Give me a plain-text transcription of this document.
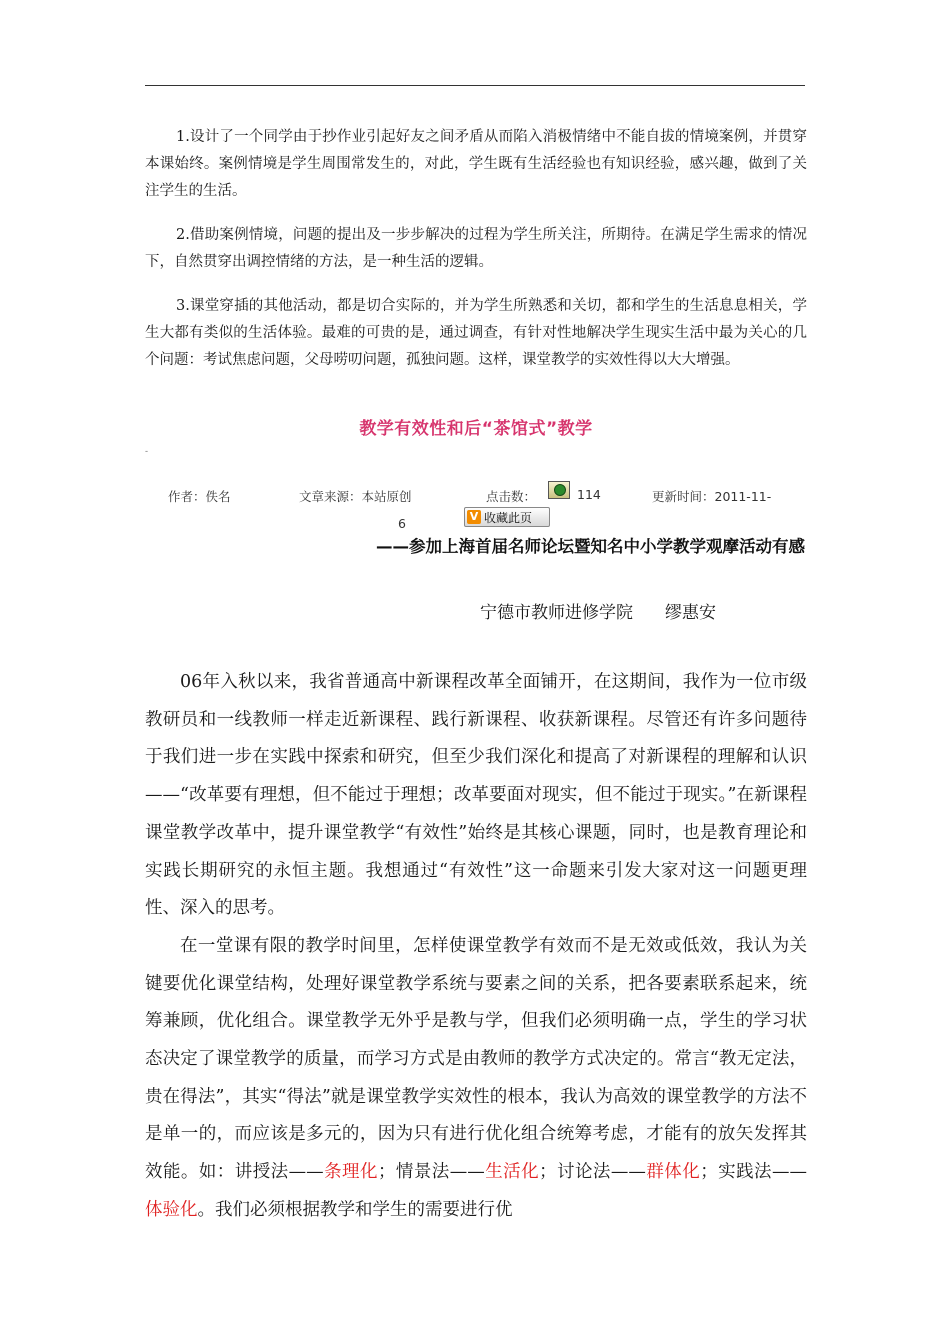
1.设计了一个同学由于抄作业引起好友之间矛盾从而陷入消极情绪中不能自拔的情境案例，并贯穿本课始终。案例情境是学生周围常发生的，对此，学生既有生活经验也有知识经验，感兴趣，做到了关注学生的生活。

2.借助案例情境，问题的提出及一步步解决的过程为学生所关注，所期待。在满足学生需求的情况下，自然贯穿出调控情绪的方法，是一种生活的逻辑。

3.课堂穿插的其他活动，都是切合实际的，并为学生所熟悉和关切，都和学生的生活息息相关，学生大都有类似的生活体验。最难的可贵的是，通过调查，有针对性地解决学生现实生活中最为关心的几个问题：考试焦虑问题，父母唠叨问题，孤独问题。这样，课堂教学的实效性得以大大增强。

教学有效性和后“茶馆式”教学
-
作者：佚名	文章来源：本站原创	点击数：	114	更新时间：2011-11-
6	V 收藏此页
——参加上海首届名师论坛暨知名中小学教学观摩活动有感
宁德市教师进修学院 缪惠安

06年入秋以来，我省普通高中新课程改革全面铺开，在这期间，我作为一位市级教研员和一线教师一样走近新课程、践行新课程、收获新课程。尽管还有许多问题待于我们进一步在实践中探索和研究，但至少我们深化和提高了对新课程的理解和认识——“改革要有理想，但不能过于理想；改革要面对现实，但不能过于现实。”在新课程课堂教学改革中，提升课堂教学“有效性”始终是其核心课题，同时，也是教育理论和实践长期研究的永恒主题。我想通过“有效性”这一命题来引发大家对这一问题更理性、深入的思考。

在一堂课有限的教学时间里，怎样使课堂教学有效而不是无效或低效，我认为关键要优化课堂结构，处理好课堂教学系统与要素之间的关系，把各要素联系起来，统筹兼顾，优化组合。课堂教学无外乎是教与学，但我们必须明确一点，学生的学习状态决定了课堂教学的质量，而学习方式是由教师的教学方式决定的。常言“教无定法，贵在得法”，其实“得法”就是课堂教学实效性的根本，我认为高效的课堂教学的方法不是单一的，而应该是多元的，因为只有进行优化组合统筹考虑，才能有的放矢发挥其效能。如：讲授法——条理化；情景法——生活化；讨论法——群体化；实践法——体验化。我们必须根据教学和学生的需要进行优
